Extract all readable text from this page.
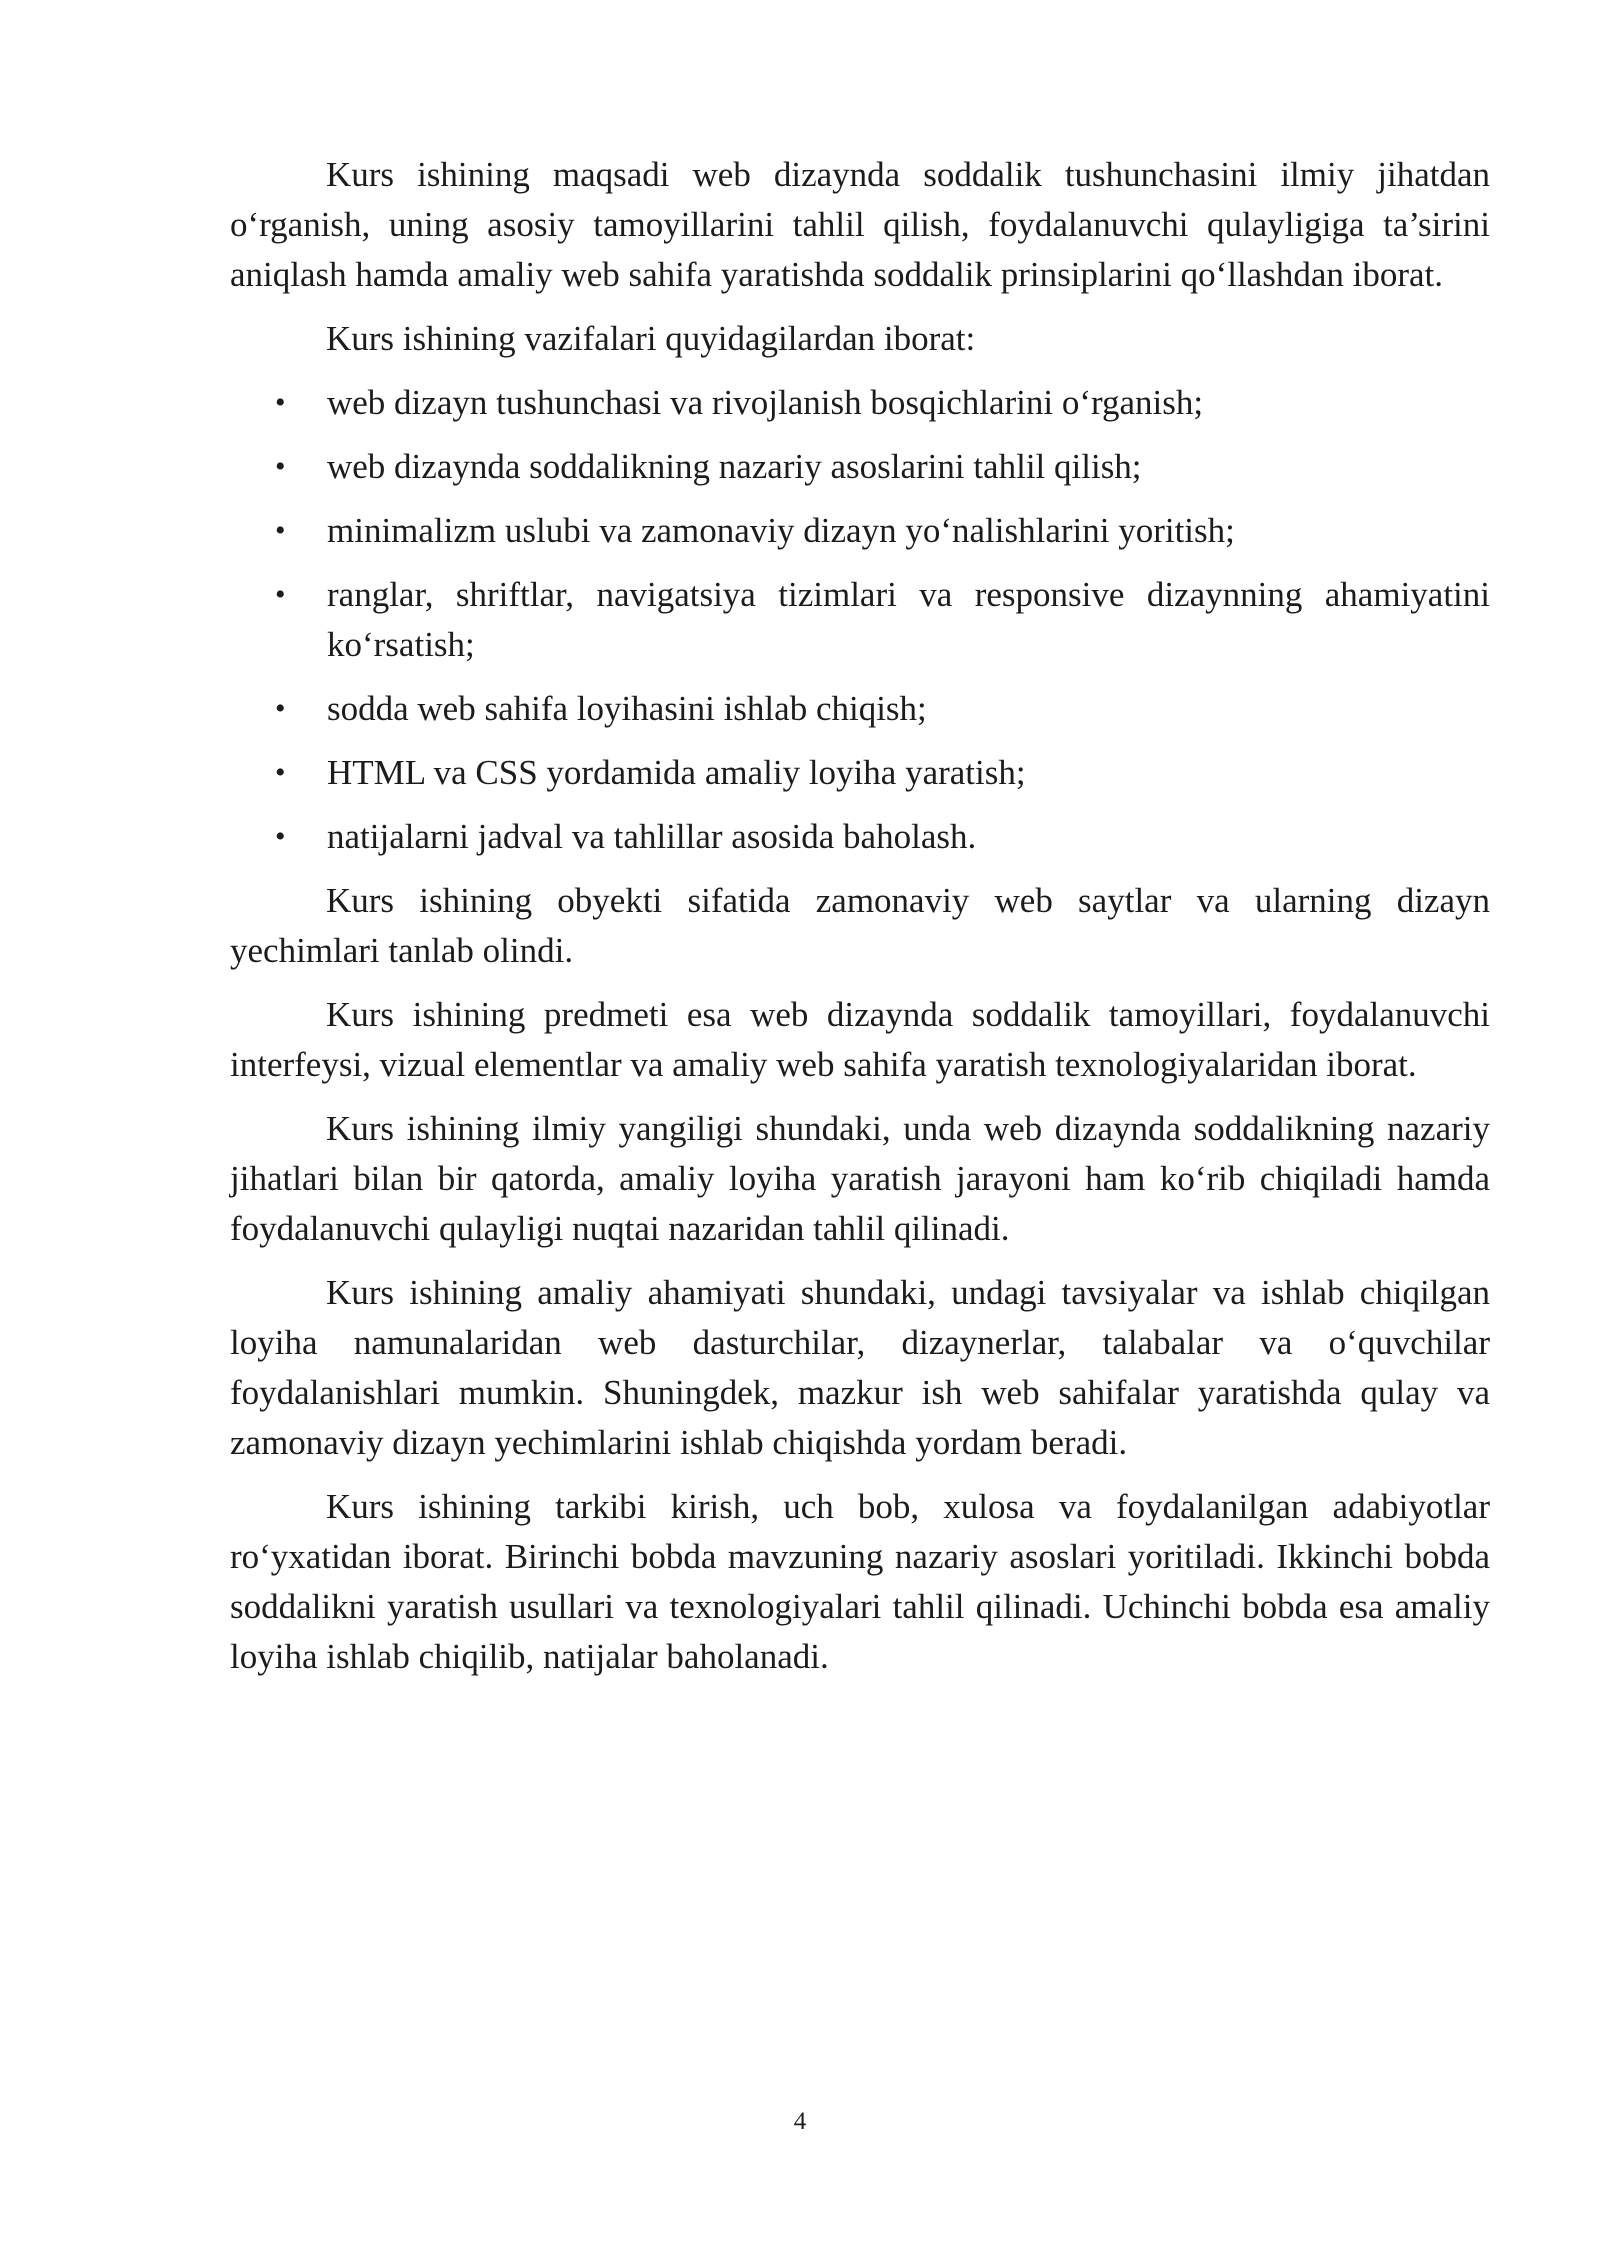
Kurs ishining maqsadi web dizaynda soddalik tushunchasini ilmiy jihatdan o‘rganish, uning asosiy tamoyillarini tahlil qilish, foydalanuvchi qulayligiga ta’sirini aniqlash hamda amaliy web sahifa yaratishda soddalik prinsiplarini qo‘llashdan iborat.

Kurs ishining vazifalari quyidagilardan iborat:

• web dizayn tushunchasi va rivojlanish bosqichlarini o‘rganish;
• web dizaynda soddalikning nazariy asoslarini tahlil qilish;
• minimalizm uslubi va zamonaviy dizayn yo‘nalishlarini yoritish;
• ranglar, shriftlar, navigatsiya tizimlari va responsive dizaynning ahamiyatini ko‘rsatish;
• sodda web sahifa loyihasini ishlab chiqish;
• HTML va CSS yordamida amaliy loyiha yaratish;
• natijalarni jadval va tahlillar asosida baholash.

Kurs ishining obyekti sifatida zamonaviy web saytlar va ularning dizayn yechimlari tanlab olindi.

Kurs ishining predmeti esa web dizaynda soddalik tamoyillari, foydalanuvchi interfeysi, vizual elementlar va amaliy web sahifa yaratish texnologiyalaridan iborat.

Kurs ishining ilmiy yangiligi shundaki, unda web dizaynda soddalikning nazariy jihatlari bilan bir qatorda, amaliy loyiha yaratish jarayoni ham ko‘rib chiqiladi hamda foydalanuvchi qulayligi nuqtai nazaridan tahlil qilinadi.

Kurs ishining amaliy ahamiyati shundaki, undagi tavsiyalar va ishlab chiqilgan loyiha namunalaridan web dasturchilar, dizaynerlar, talabalar va o‘quvchilar foydalanishlari mumkin. Shuningdek, mazkur ish web sahifalar yaratishda qulay va zamonaviy dizayn yechimlarini ishlab chiqishda yordam beradi.

Kurs ishining tarkibi kirish, uch bob, xulosa va foydalanilgan adabiyotlar ro‘yxatidan iborat. Birinchi bobda mavzuning nazariy asoslari yoritiladi. Ikkinchi bobda soddalikni yaratish usullari va texnologiyalari tahlil qilinadi. Uchinchi bobda esa amaliy loyiha ishlab chiqilib, natijalar baholanadi.

4
